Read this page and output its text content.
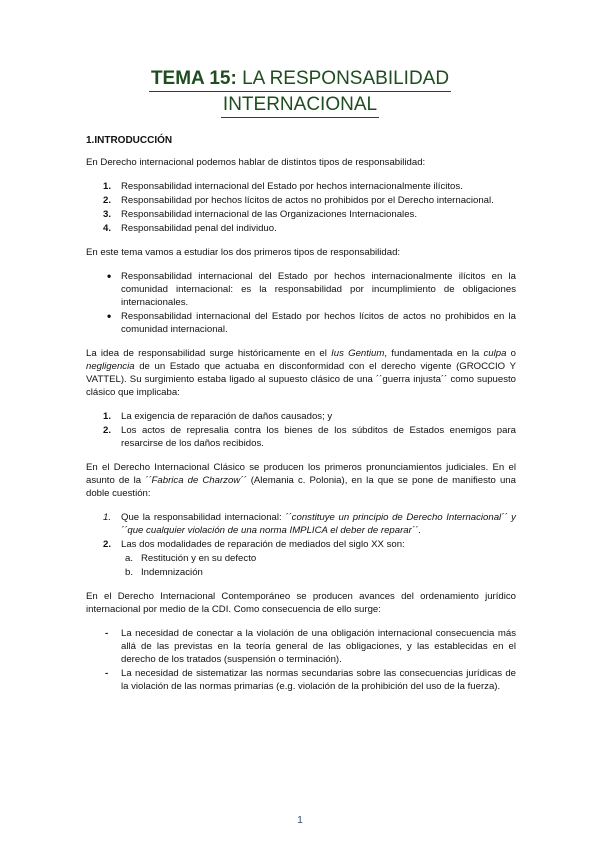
TEMA 15: LA RESPONSABILIDAD
INTERNACIONAL
1.INTRODUCCIÓN

En Derecho internacional podemos hablar de distintos tipos de responsabilidad:

1.	Responsabilidad internacional del Estado por hechos internacionalmente ilícitos.
2.	Responsabilidad por hechos lícitos de actos no prohibidos por el Derecho internacional.
3.	Responsabilidad internacional de las Organizaciones Internacionales.
4.	Responsabilidad penal del individuo.

En este tema vamos a estudiar los dos primeros tipos de responsabilidad:

•	Responsabilidad internacional del Estado por hechos internacionalmente ilícitos en la comunidad internacional: es la responsabilidad por incumplimiento de obligaciones internacionales.
•	Responsabilidad internacional del Estado por hechos lícitos de actos no prohibidos en la comunidad internacional.

La idea de responsabilidad surge históricamente en el Ius Gentium, fundamentada en la culpa o negligencia de un Estado que actuaba en disconformidad con el derecho vigente (GROCCIO Y VATTEL). Su surgimiento estaba ligado al supuesto clásico de una ´´guerra injusta´´ como supuesto clásico que implicaba:

1.	La exigencia de reparación de daños causados; y
2.	Los actos de represalia contra los bienes de los súbditos de Estados enemigos para resarcirse de los daños recibidos.

En el Derecho Internacional Clásico se producen los primeros pronunciamientos judiciales. En el asunto de la ´´Fabrica de Charzow´´ (Alemania c. Polonia), en la que se pone de manifiesto una doble cuestión:

1.	Que la responsabilidad internacional: ´´constituye un principio de Derecho Internacional´´ y ´´que cualquier violación de una norma IMPLICA el deber de reparar´´.
2.	Las dos modalidades de reparación de mediados del siglo XX son:
a. Restitución y en su defecto
b. Indemnización

En el Derecho Internacional Contemporáneo se producen avances del ordenamiento jurídico internacional por medio de la CDI. Como consecuencia de ello surge:

-	La necesidad de conectar a la violación de una obligación internacional consecuencia más allá de las previstas en la teoría general de las obligaciones, y las establecidas en el derecho de los tratados (suspensión o terminación).
-	La necesidad de sistematizar las normas secundarias sobre las consecuencias jurídicas de la violación de las normas primarias (e.g. violación de la prohibición del uso de la fuerza).
1
